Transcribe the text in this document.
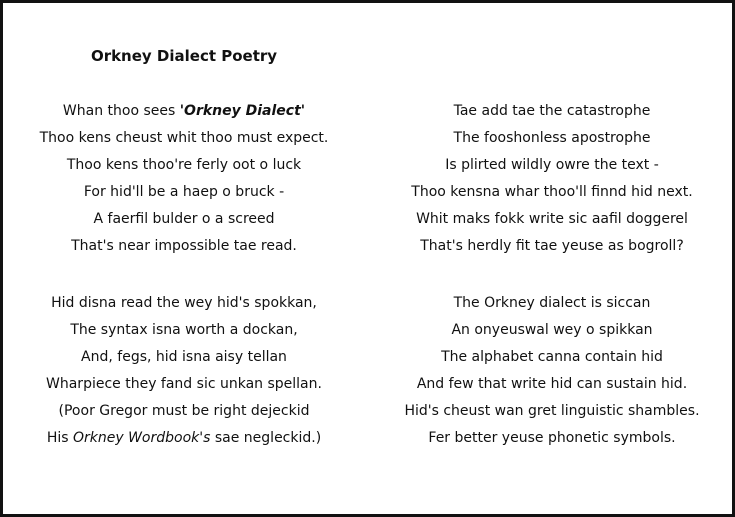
Orkney Dialect Poetry
Whan thoo sees 'Orkney Dialect'
Thoo kens cheust whit thoo must expect.
Thoo kens thoo're ferly oot o luck
For hid'll be a haep o bruck -
A faerfil bulder o a screed
That's near impossible tae read.
Hid disna read the wey hid's spokkan,
The syntax isna worth a dockan,
And, fegs, hid isna aisy tellan
Wharpiece they fand sic unkan spellan.
(Poor Gregor must be right dejeckid
His Orkney Wordbook's sae negleckid.)
Tae add tae the catastrophe
The fooshonless apostrophe
Is plirted wildly owre the text -
Thoo kensna whar thoo'll finnd hid next.
Whit maks fokk write sic aafil doggerel
That's herdly fit tae yeuse as bogroll?
The Orkney dialect is siccan
An onyeuswal wey o spikkan
The alphabet canna contain hid
And few that write hid can sustain hid.
Hid's cheust wan gret linguistic shambles.
Fer better yeuse phonetic symbols.
